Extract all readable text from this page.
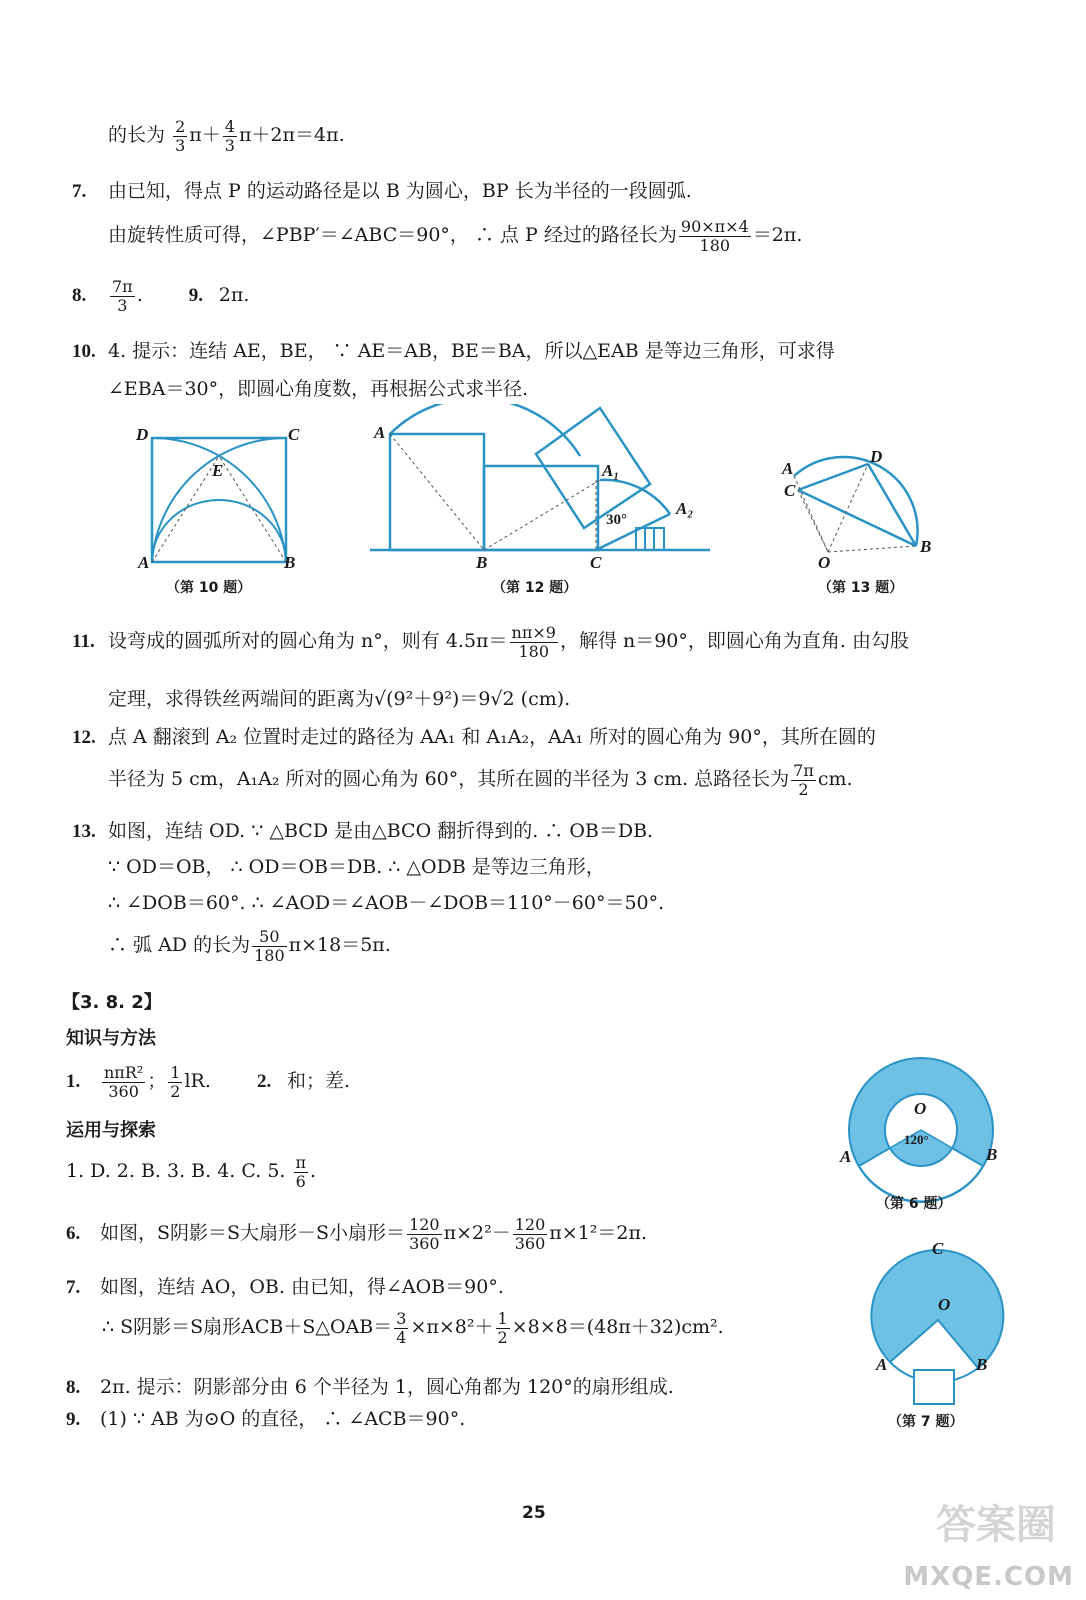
的长为 $\frac{2}{3} \pi+ \frac{4}{3} \pi+2\pi=4\pi$.
7. 由已知，得点 P 的运动路径是以 B 为圆心，BP 长为半径的一段圆弧.
由旋转性质可得，∠PBP′＝∠ABC＝90°， ∴ 点 P 经过的路径长为 $\frac{90\times\pi\times 4}{180} =2\pi$.
8. $\frac{7\pi}{3}$ . 9. 2π.
10. 4. 提示：连结 AE，BE， ∵ AE＝AB，BE＝BA，所以△EAB 是等边三角形，可求得
∠EBA＝30°，即圆心角度数，再根据公式求半径.
D	C
E
A	B
（第 10 题）
A
A₁
A₂
B	C
30°
（第 12 题）
A
D
C
O
B
（第 13 题）
11. 设弯成的圆弧所对的圆心角为 n°，则有 $4.5\pi= \frac{n\pi\times 9}{180}$ ，解得 n＝90°，即圆心角为直角. 由勾股
定理，求得铁丝两端间的距离为√(9²＋9²)＝9√2 (cm).
12. 点 A 翻滚到 A₂ 位置时走过的路径为 AA₁ 和 A₁A₂，AA₁ 所对的圆心角为 90°，其所在圆的
半径为 5 cm，A₁A₂ 所对的圆心角为 60°，其所在圆的半径为 3 cm. 总路径长为 $\frac{7\pi}{2}$ cm.
13. 如图，连结 OD. ∵ △BCD 是由△BCO 翻折得到的. ∴ OB＝DB.
∵ OD＝OB， ∴ OD＝OB＝DB. ∴ △ODB 是等边三角形，
∴ ∠DOB＝60°. ∴ ∠AOD＝∠AOB－∠DOB＝110°－60°＝50°.
∴ 弧 AD 的长为 $\frac{50}{180} \pi\times 18=5\pi$.
【3. 8. 2】
知识与方法
1. $\frac{\text{nπR²}}{360}$ ； $\frac{1}{2}$ lR. 2. 和；差.
运用与探索
1. D. 2. B. 3. B. 4. C. 5. $\frac{\pi}{6}$ .
6. 如图，S阴影＝S大扇形－S小扇形＝ $\frac{120}{360} \pi\times 2^2- \frac{120}{360} \pi\times 1^2=2\pi$.
7. 如图，连结 AO，OB. 由已知，得∠AOB＝90°.
∴ S阴影＝S扇形ACB＋S△OAB＝ $\frac{3}{4} \times\pi\times 8^2+ \frac{1}{2} \times 8\times 8=(48\pi+32)cm^2$.
8. 2π. 提示：阴影部分由 6 个半径为 1，圆心角都为 120°的扇形组成.
9. (1) ∵ AB 为⊙O 的直径， ∴ ∠ACB＝90°.
O
120°
A	B
（第 6 题）
C
O
A	B
（第 7 题）
25	答案圈
MXQE.COM
